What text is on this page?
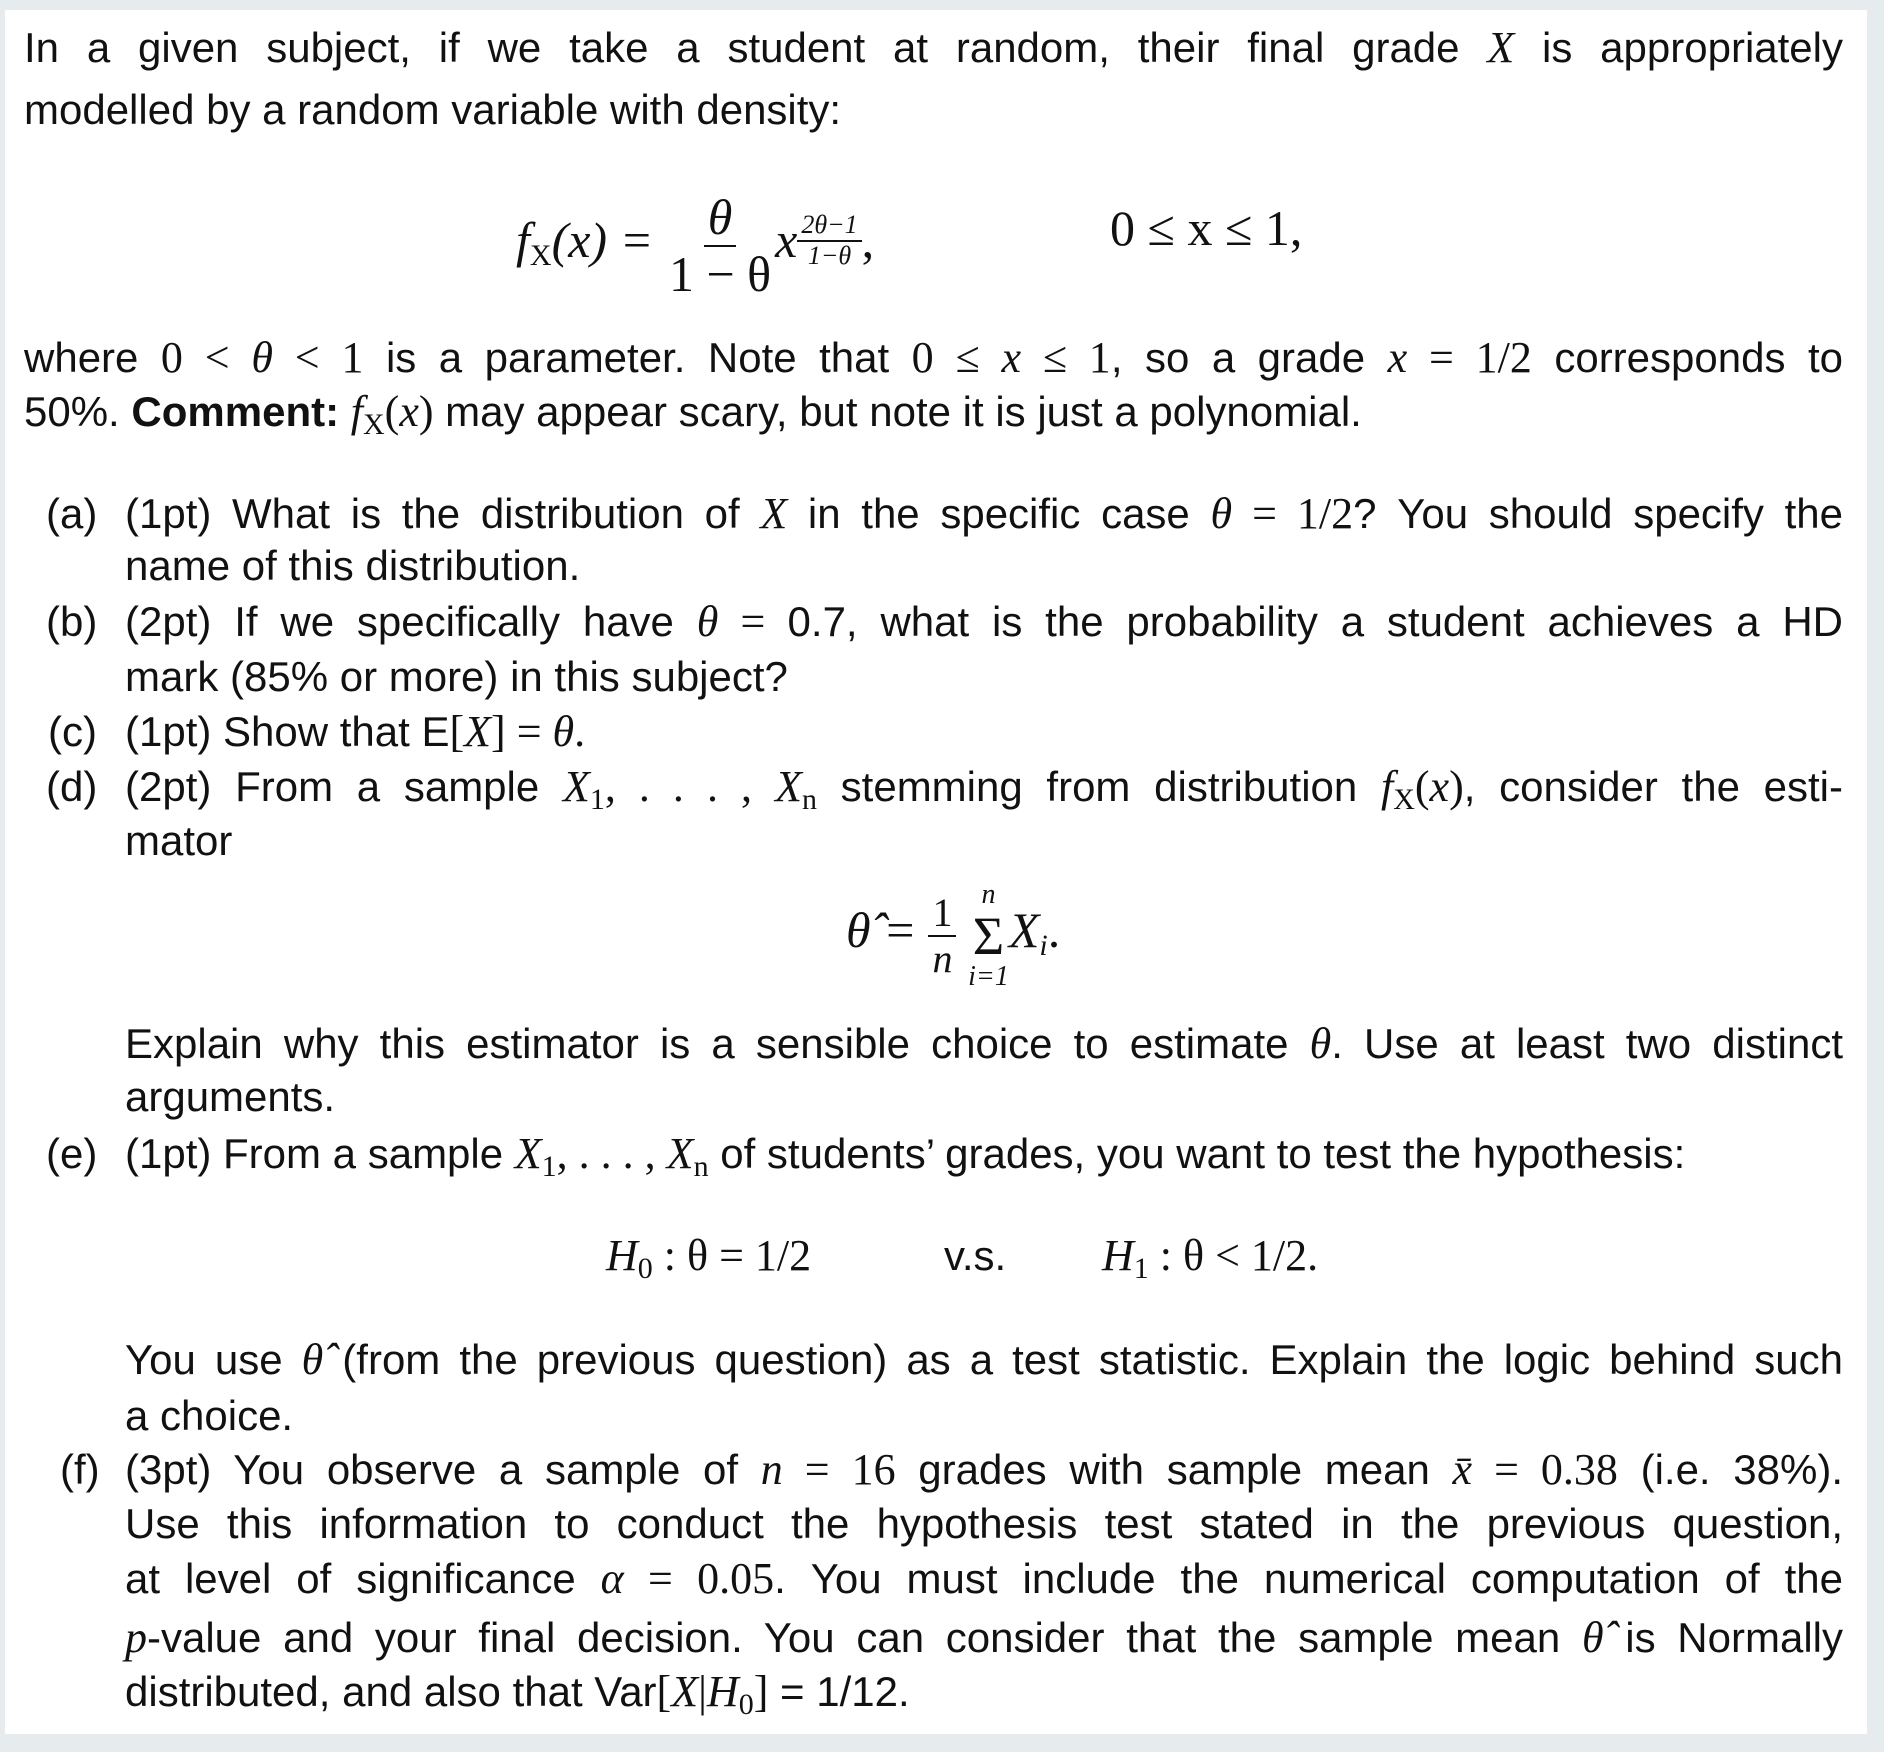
In a given subject, if we take a student at random, their final grade X is appropriately
modelled by a random variable with density:
$f_X(x) = \frac{\theta}{1 - \theta}$ x $\frac{2\theta-1}{1-\theta}$ ,	0 ≤ x ≤ 1,
where 0 < θ < 1 is a parameter. Note that 0 ≤ x ≤ 1, so a grade x = 1/2 corresponds to
50%. Comment: $f_X(x)$ may appear scary, but note it is just a polynomial.
(a) (1pt) What is the distribution of X in the specific case θ = 1/2? You should specify the
name of this distribution.
(b) (2pt) If we specifically have θ = 0.7, what is the probability a student achieves a HD
mark (85% or more) in this subject?
(c) (1pt) Show that E[X] = θ.
(d) (2pt) From a sample $X_1$, . . . , $X_n$ stemming from distribution $f_X(x)$, consider the esti-
mator
θ̂ = $\frac{1}{n}$
n
Σ
i=1
$X_i$.
Explain why this estimator is a sensible choice to estimate θ. Use at least two distinct
arguments.
(e) (1pt) From a sample $X_1$, . . . , $X_n$ of students’ grades, you want to test the hypothesis:
$H_0$ : θ = 1/2	v.s. $H_1$ : θ < 1/2.
You use θ̂ (from the previous question) as a test statistic. Explain the logic behind such
a choice.
(f) (3pt) You observe a sample of n = 16 grades with sample mean x̄ = 0.38 (i.e. 38%).
Use this information to conduct the hypothesis test stated in the previous question,
at level of significance α = 0.05. You must include the numerical computation of the
p-value and your final decision. You can consider that the sample mean θ̂ is Normally
distributed, and also that $Var[X|H_0] = 1/12$.
